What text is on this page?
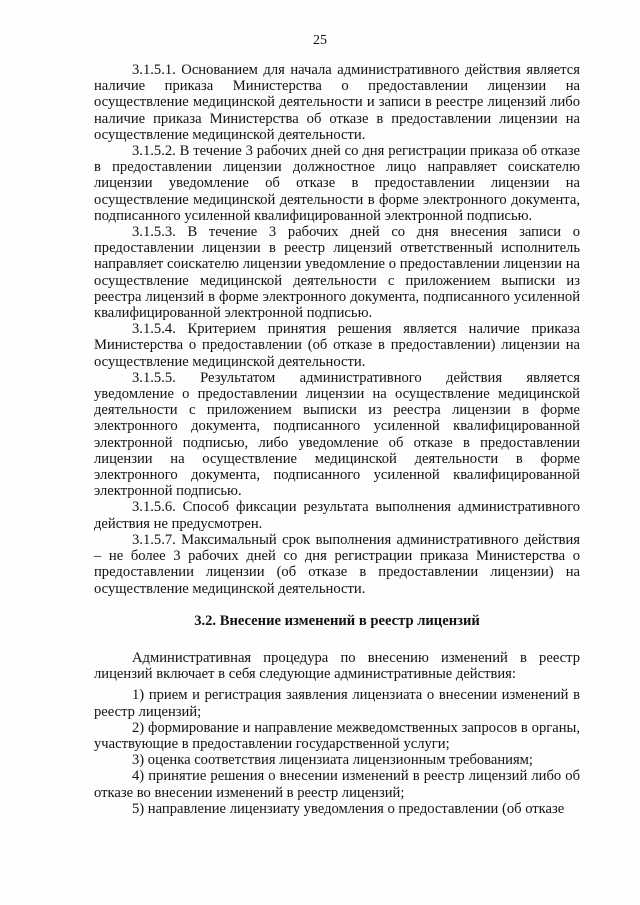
25

3.1.5.1. Основанием для начала административного действия является наличие приказа Министерства о предоставлении лицензии на осуществление медицинской деятельности и записи в реестре лицензий либо наличие приказа Министерства об отказе в предоставлении лицензии на осуществление медицинской деятельности.

3.1.5.2. В течение 3 рабочих дней со дня регистрации приказа об отказе в предоставлении лицензии должностное лицо направляет соискателю лицензии уведомление об отказе в предоставлении лицензии на осуществление медицинской деятельности в форме электронного документа, подписанного усиленной квалифицированной электронной подписью.

3.1.5.3. В течение 3 рабочих дней со дня внесения записи о предоставлении лицензии в реестр лицензий ответственный исполнитель направляет соискателю лицензии уведомление о предоставлении лицензии на осуществление медицинской деятельности с приложением выписки из реестра лицензий в форме электронного документа, подписанного усиленной квалифицированной электронной подписью.

3.1.5.4. Критерием принятия решения является наличие приказа Министерства о предоставлении (об отказе в предоставлении) лицензии на осуществление медицинской деятельности.

3.1.5.5. Результатом административного действия является уведомление о предоставлении лицензии на осуществление медицинской деятельности с приложением выписки из реестра лицензии в форме электронного документа, подписанного усиленной квалифицированной электронной подписью, либо уведомление об отказе в предоставлении лицензии на осуществление медицинской деятельности в форме электронного документа, подписанного усиленной квалифицированной электронной подписью.

3.1.5.6. Способ фиксации результата выполнения административного действия не предусмотрен.

3.1.5.7. Максимальный срок выполнения административного действия – не более 3 рабочих дней со дня регистрации приказа Министерства о предоставлении лицензии (об отказе в предоставлении лицензии) на осуществление медицинской деятельности.

3.2. Внесение изменений в реестр лицензий

Административная процедура по внесению изменений в реестр лицензий включает в себя следующие административные действия:

1) прием и регистрация заявления лицензиата о внесении изменений в реестр лицензий;

2) формирование и направление межведомственных запросов в органы, участвующие в предоставлении государственной услуги;

3) оценка соответствия лицензиата лицензионным требованиям;

4) принятие решения о внесении изменений в реестр лицензий либо об отказе во внесении изменений в реестр лицензий;

5) направление лицензиату уведомления о предоставлении (об отказе
